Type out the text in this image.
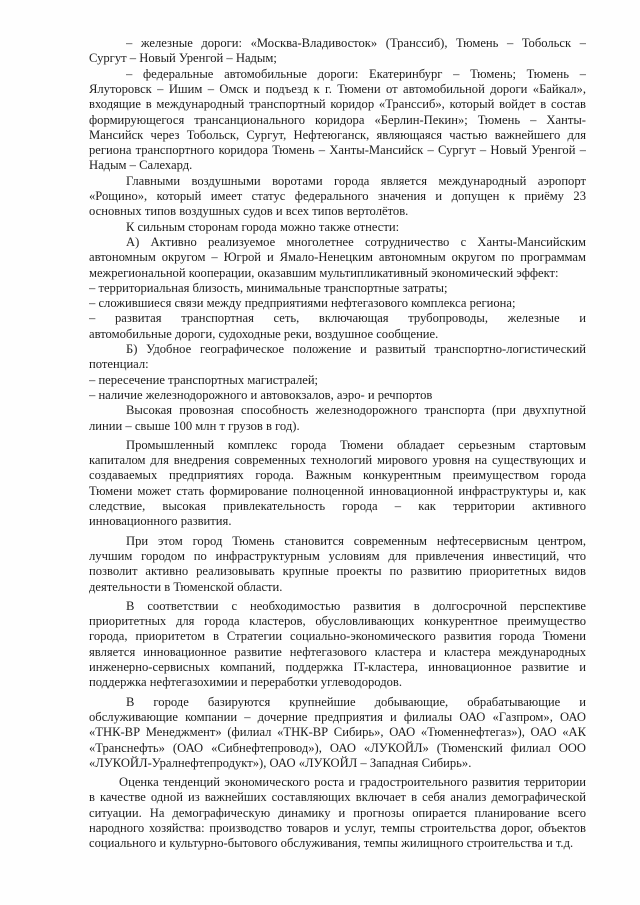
– железные дороги: «Москва-Владивосток» (Транссиб), Тюмень – Тобольск –
Сургут – Новый Уренгой – Надым;
– федеральные автомобильные дороги: Екатеринбург – Тюмень; Тюмень –
Ялуторовск – Ишим – Омск и подъезд к г. Тюмени от автомобильной дороги «Байкал»,
входящие в международный транспортный коридор «Транссиб», который войдет в состав
формирующегося трансанционального коридора «Берлин-Пекин»; Тюмень – Ханты-
Мансийск через Тобольск, Сургут, Нефтеюганск, являющаяся частью важнейшего для
региона транспортного коридора Тюмень – Ханты-Мансийск – Сургут – Новый Уренгой –
Надым – Салехард.
Главными воздушными воротами города является международный аэропорт
«Рощино», который имеет статус федерального значения и допущен к приёму 23
основных типов воздушных судов и всех типов вертолётов.
К сильным сторонам города можно также отнести:
А) Активно реализуемое многолетнее сотрудничество с Ханты-Мансийским
автономным округом – Югрой и Ямало-Ненецким автономным округом по программам
межрегиональной кооперации, оказавшим мультипликативный экономический эффект:
– территориальная близость, минимальные транспортные затраты;
– сложившиеся связи между предприятиями нефтегазового комплекса региона;
– развитая транспортная сеть, включающая трубопроводы, железные и
автомобильные дороги, судоходные реки, воздушное сообщение.
Б) Удобное географическое положение и развитый транспортно-логистический
потенциал:
– пересечение транспортных магистралей;
– наличие железнодорожного и автовокзалов, аэро- и речпортов
Высокая провозная способность железнодорожного транспорта (при двухпутной
линии – свыше 100 млн т грузов в год).
Промышленный комплекс города Тюмени обладает серьезным стартовым
капиталом для внедрения современных технологий мирового уровня на существующих и
создаваемых предприятиях города. Важным конкурентным преимуществом города
Тюмени может стать формирование полноценной инновационной инфраструктуры и, как
следствие, высокая привлекательность города – как территории активного
инновационного развития.
При этом город Тюмень становится современным нефтесервисным центром,
лучшим городом по инфраструктурным условиям для привлечения инвестиций, что
позволит активно реализовывать крупные проекты по развитию приоритетных видов
деятельности в Тюменской области.
В соответствии с необходимостью развития в долгосрочной перспективе
приоритетных для города кластеров, обусловливающих конкурентное преимущество
города, приоритетом в Стратегии социально-экономического развития города Тюмени
является инновационное развитие нефтегазового кластера и кластера международных
инженерно-сервисных компаний, поддержка IT-кластера, инновационное развитие и
поддержка нефтегазохимии и переработки углеводородов.
В городе базируются крупнейшие добывающие, обрабатывающие и
обслуживающие компании – дочерние предприятия и филиалы ОАО «Газпром», ОАО
«ТНК-ВР Менеджмент» (филиал «ТНК-ВР Сибирь», ОАО «Тюменнефтегаз»), ОАО «АК
«Транснефть» (ОАО «Сибнефтепровод»), ОАО «ЛУКОЙЛ» (Тюменский филиал ООО
«ЛУКОЙЛ-Уралнефтепродукт»), ОАО «ЛУКОЙЛ – Западная Сибирь».
Оценка тенденций экономического роста и градостроительного развития территории
в качестве одной из важнейших составляющих включает в себя анализ демографической
ситуации. На демографическую динамику и прогнозы опирается планирование всего
народного хозяйства: производство товаров и услуг, темпы строительства дорог, объектов
социального и культурно-бытового обслуживания, темпы жилищного строительства и т.д.
